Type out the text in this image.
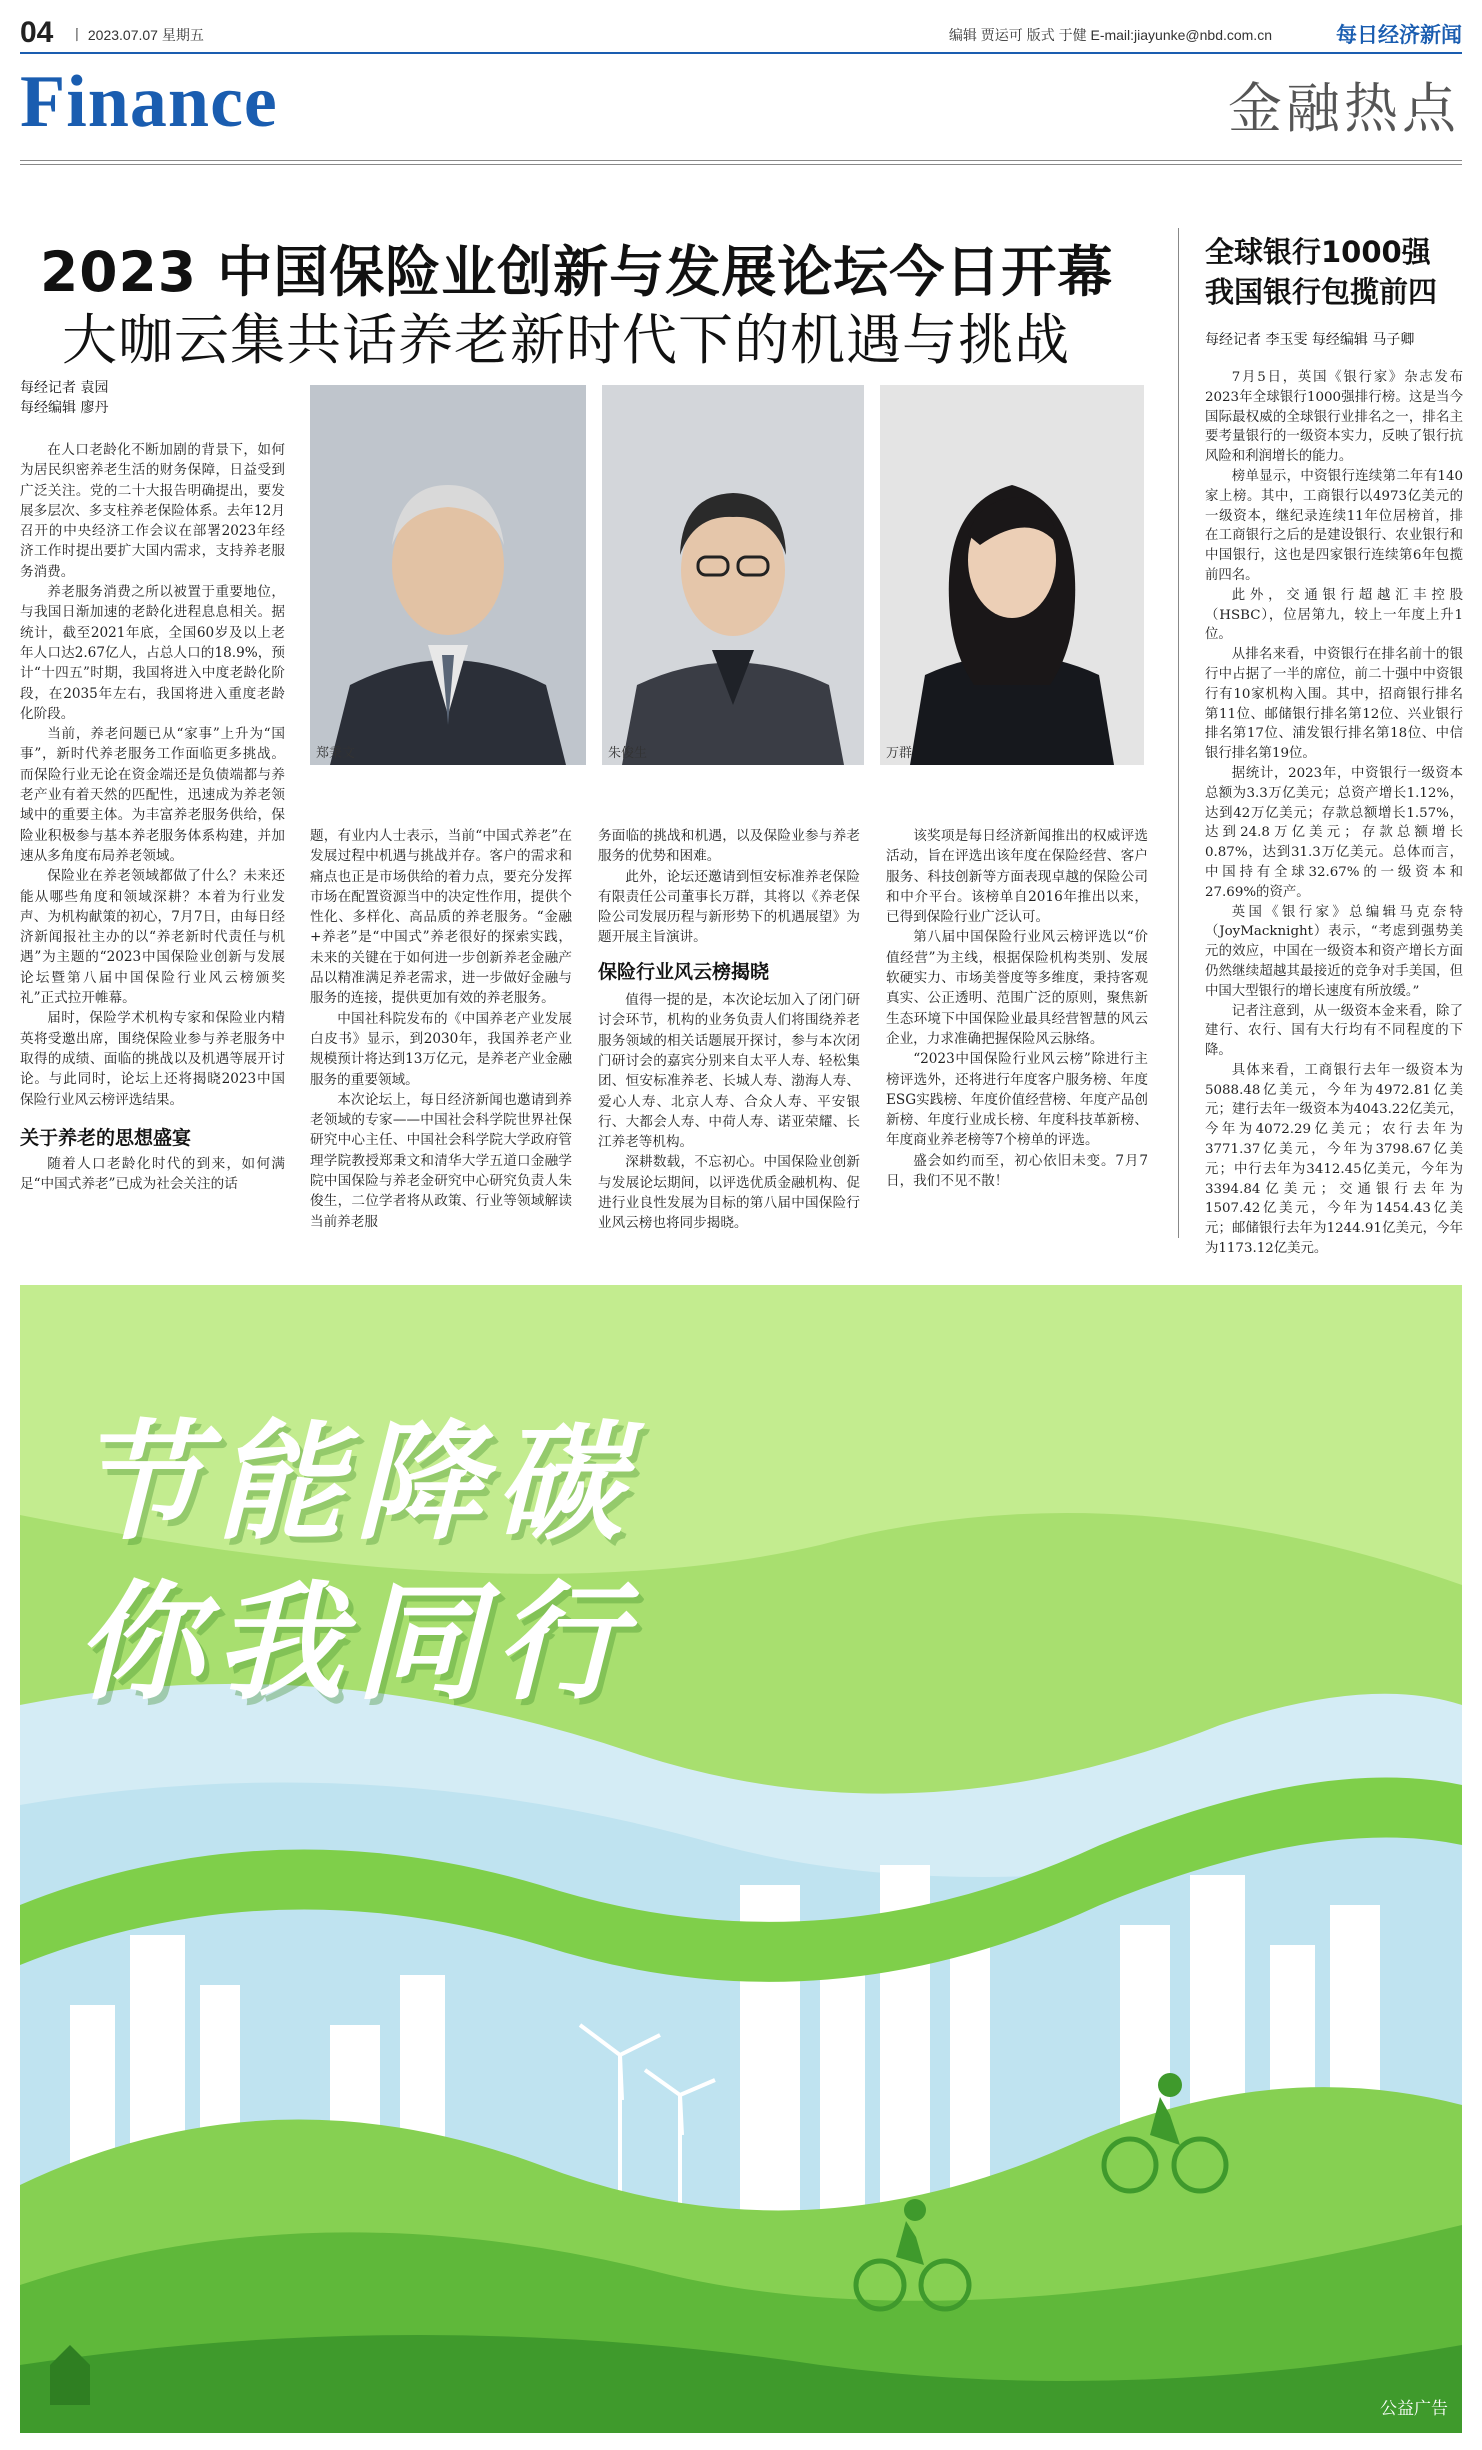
04 丨 2023.07.07 星期五	编辑 贾运可 版式 于健 E-mail:jiayunke@nbd.com.cn	每日经济新闻
Finance	金融热点
2023 中国保险业创新与发展论坛今日开幕
大咖云集共话养老新时代下的机遇与挑战
每经记者 袁园
每经编辑 廖丹

在人口老龄化不断加剧的背景下，如何为居民织密养老生活的财务保障，日益受到广泛关注。党的二十大报告明确提出，要发展多层次、多支柱养老保险体系。去年12月召开的中央经济工作会议在部署2023年经济工作时提出要扩大国内需求，支持养老服务消费。

养老服务消费之所以被置于重要地位，与我国日渐加速的老龄化进程息息相关。据统计，截至2021年底，全国60岁及以上老年人口达2.67亿人，占总人口的18.9%，预计“十四五”时期，我国将进入中度老龄化阶段，在2035年左右，我国将进入重度老龄化阶段。

当前，养老问题已从“家事”上升为“国事”，新时代养老服务工作面临更多挑战。而保险行业无论在资金端还是负债端都与养老产业有着天然的匹配性，迅速成为养老领域中的重要主体。为丰富养老服务供给，保险业积极参与基本养老服务体系构建，并加速从多角度布局养老领域。

保险业在养老领域都做了什么？未来还能从哪些角度和领域深耕？本着为行业发声、为机构献策的初心，7月7日，由每日经济新闻报社主办的以“养老新时代责任与机遇”为主题的“2023中国保险业创新与发展论坛暨第八届中国保险行业风云榜颁奖礼”正式拉开帷幕。

届时，保险学术机构专家和保险业内精英将受邀出席，围绕保险业参与养老服务中取得的成绩、面临的挑战以及机遇等展开讨论。与此同时，论坛上还将揭晓2023中国保险行业风云榜评选结果。

关于养老的思想盛宴

随着人口老龄化时代的到来，如何满足“中国式养老”已成为社会关注的话

郑秉文	朱俊生	万群

题，有业内人士表示，当前“中国式养老”在发展过程中机遇与挑战并存。客户的需求和痛点也正是市场供给的着力点，要充分发挥市场在配置资源当中的决定性作用，提供个性化、多样化、高品质的养老服务。“金融+养老”是“中国式”养老很好的探索实践，未来的关键在于如何进一步创新养老金融产品以精准满足养老需求，进一步做好金融与服务的连接，提供更加有效的养老服务。

中国社科院发布的《中国养老产业发展白皮书》显示，到2030年，我国养老产业规模预计将达到13万亿元，是养老产业金融服务的重要领域。

本次论坛上，每日经济新闻也邀请到养老领域的专家——中国社会科学院世界社保研究中心主任、中国社会科学院大学政府管理学院教授郑秉文和清华大学五道口金融学院中国保险与养老金研究中心研究负责人朱俊生，二位学者将从政策、行业等领域解读当前养老服

务面临的挑战和机遇，以及保险业参与养老服务的优势和困难。

此外，论坛还邀请到恒安标准养老保险有限责任公司董事长万群，其将以《养老保险公司发展历程与新形势下的机遇展望》为题开展主旨演讲。

保险行业风云榜揭晓

值得一提的是，本次论坛加入了闭门研讨会环节，机构的业务负责人们将围绕养老服务领域的相关话题展开探讨，参与本次闭门研讨会的嘉宾分别来自太平人寿、轻松集团、恒安标准养老、长城人寿、渤海人寿、爱心人寿、北京人寿、合众人寿、平安银行、大都会人寿、中荷人寿、诺亚荣耀、长江养老等机构。

深耕数载，不忘初心。中国保险业创新与发展论坛期间，以评选优质金融机构、促进行业良性发展为目标的第八届中国保险行业风云榜也将同步揭晓。

该奖项是每日经济新闻推出的权威评选活动，旨在评选出该年度在保险经营、客户服务、科技创新等方面表现卓越的保险公司和中介平台。该榜单自2016年推出以来，已得到保险行业广泛认可。

第八届中国保险行业风云榜评选以“价值经营”为主线，根据保险机构类别、发展软硬实力、市场美誉度等多维度，秉持客观真实、公正透明、范围广泛的原则，聚焦新生态环境下中国保险业最具经营智慧的风云企业，力求准确把握保险风云脉络。

“2023中国保险行业风云榜”除进行主榜评选外，还将进行年度客户服务榜、年度ESG实践榜、年度价值经营榜、年度产品创新榜、年度行业成长榜、年度科技革新榜、年度商业养老榜等7个榜单的评选。

盛会如约而至，初心依旧未变。7月7日，我们不见不散！

全球银行1000强
我国银行包揽前四
每经记者 李玉雯 每经编辑 马子卿

7月5日，英国《银行家》杂志发布2023年全球银行1000强排行榜。这是当今国际最权威的全球银行业排名之一，排名主要考量银行的一级资本实力，反映了银行抗风险和利润增长的能力。

榜单显示，中资银行连续第二年有140家上榜。其中，工商银行以4973亿美元的一级资本，继纪录连续11年位居榜首，排在工商银行之后的是建设银行、农业银行和中国银行，这也是四家银行连续第6年包揽前四名。

此外，交通银行超越汇丰控股（HSBC），位居第九，较上一年度上升1位。

从排名来看，中资银行在排名前十的银行中占据了一半的席位，前二十强中中资银行有10家机构入围。其中，招商银行排名第11位、邮储银行排名第12位、兴业银行排名第17位、浦发银行排名第18位、中信银行排名第19位。

据统计，2023年，中资银行一级资本总额为3.3万亿美元；总资产增长1.12%，达到42万亿美元；存款总额增长1.57%，达到24.8万亿美元；存款总额增长0.87%，达到31.3万亿美元。总体而言，中国持有全球32.67%的一级资本和27.69%的资产。

英国《银行家》总编辑马克奈特（JoyMacknight）表示，“考虑到强势美元的效应，中国在一级资本和资产增长方面仍然继续超越其最接近的竞争对手美国，但中国大型银行的增长速度有所放缓。”

记者注意到，从一级资本金来看，除了建行、农行、国有大行均有不同程度的下降。

具体来看，工商银行去年一级资本为5088.48亿美元，今年为4972.81亿美元；建行去年一级资本为4043.22亿美元，今年为4072.29亿美元；农行去年为3771.37亿美元，今年为3798.67亿美元；中行去年为3412.45亿美元，今年为3394.84亿美元；交通银行去年为1507.42亿美元，今年为1454.43亿美元；邮储银行去年为1244.91亿美元，今年为1173.12亿美元。

节能降碳
你我同行
公益广告
